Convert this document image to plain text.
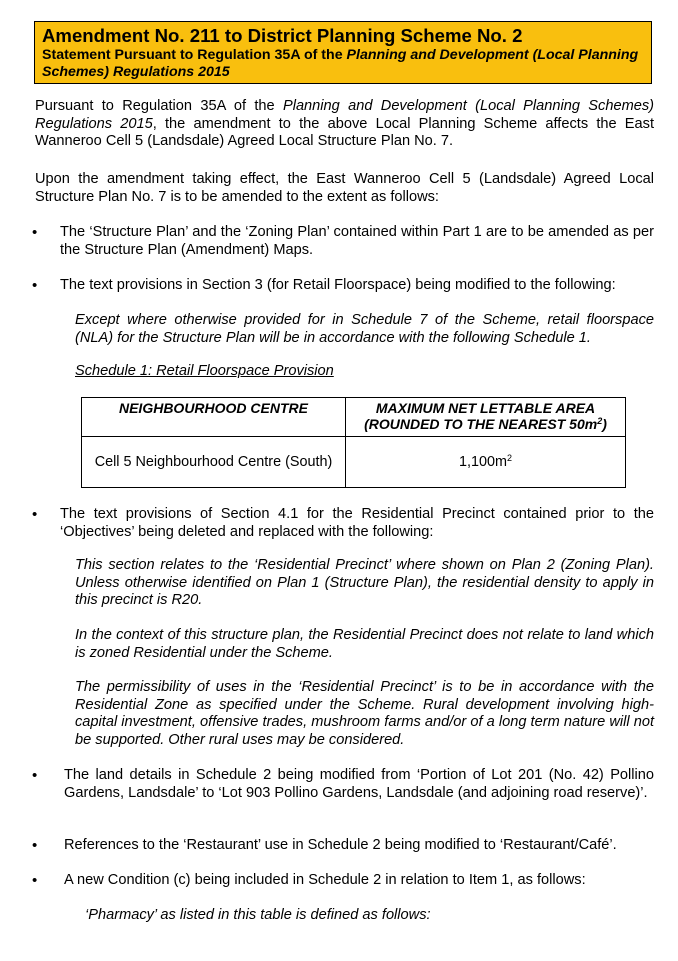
Amendment No. 211 to District Planning Scheme No. 2
Statement Pursuant to Regulation 35A of the Planning and Development (Local Planning Schemes) Regulations 2015
Pursuant to Regulation 35A of the Planning and Development (Local Planning Schemes) Regulations 2015, the amendment to the above Local Planning Scheme affects the East Wanneroo Cell 5 (Landsdale) Agreed Local Structure Plan No. 7.
Upon the amendment taking effect, the East Wanneroo Cell 5 (Landsdale) Agreed Local Structure Plan No. 7 is to be amended to the extent as follows:
• The ‘Structure Plan’ and the ‘Zoning Plan’ contained within Part 1 are to be amended as per the Structure Plan (Amendment) Maps.
• The text provisions in Section 3 (for Retail Floorspace) being modified to the following:
Except where otherwise provided for in Schedule 7 of the Scheme, retail floorspace (NLA) for the Structure Plan will be in accordance with the following Schedule 1.
Schedule 1: Retail Floorspace Provision
NEIGHBOURHOOD CENTRE	MAXIMUM NET LETTABLE AREA
(ROUNDED TO THE NEAREST $50m^2$)
Cell 5 Neighbourhood Centre (South)	$1,100m^2$
• The text provisions of Section 4.1 for the Residential Precinct contained prior to the ‘Objectives’ being deleted and replaced with the following:
This section relates to the ‘Residential Precinct’ where shown on Plan 2 (Zoning Plan). Unless otherwise identified on Plan 1 (Structure Plan), the residential density to apply in this precinct is R20.
In the context of this structure plan, the Residential Precinct does not relate to land which is zoned Residential under the Scheme.
The permissibility of uses in the ‘Residential Precinct’ is to be in accordance with the Residential Zone as specified under the Scheme. Rural development involving high-capital investment, offensive trades, mushroom farms and/or of a long term nature will not be supported. Other rural uses may be considered.
• The land details in Schedule 2 being modified from ‘Portion of Lot 201 (No. 42) Pollino Gardens, Landsdale’ to ‘Lot 903 Pollino Gardens, Landsdale (and adjoining road reserve)’.
• References to the ‘Restaurant’ use in Schedule 2 being modified to ‘Restaurant/Café’.
• A new Condition (c) being included in Schedule 2 in relation to Item 1, as follows:
‘Pharmacy’ as listed in this table is defined as follows:
